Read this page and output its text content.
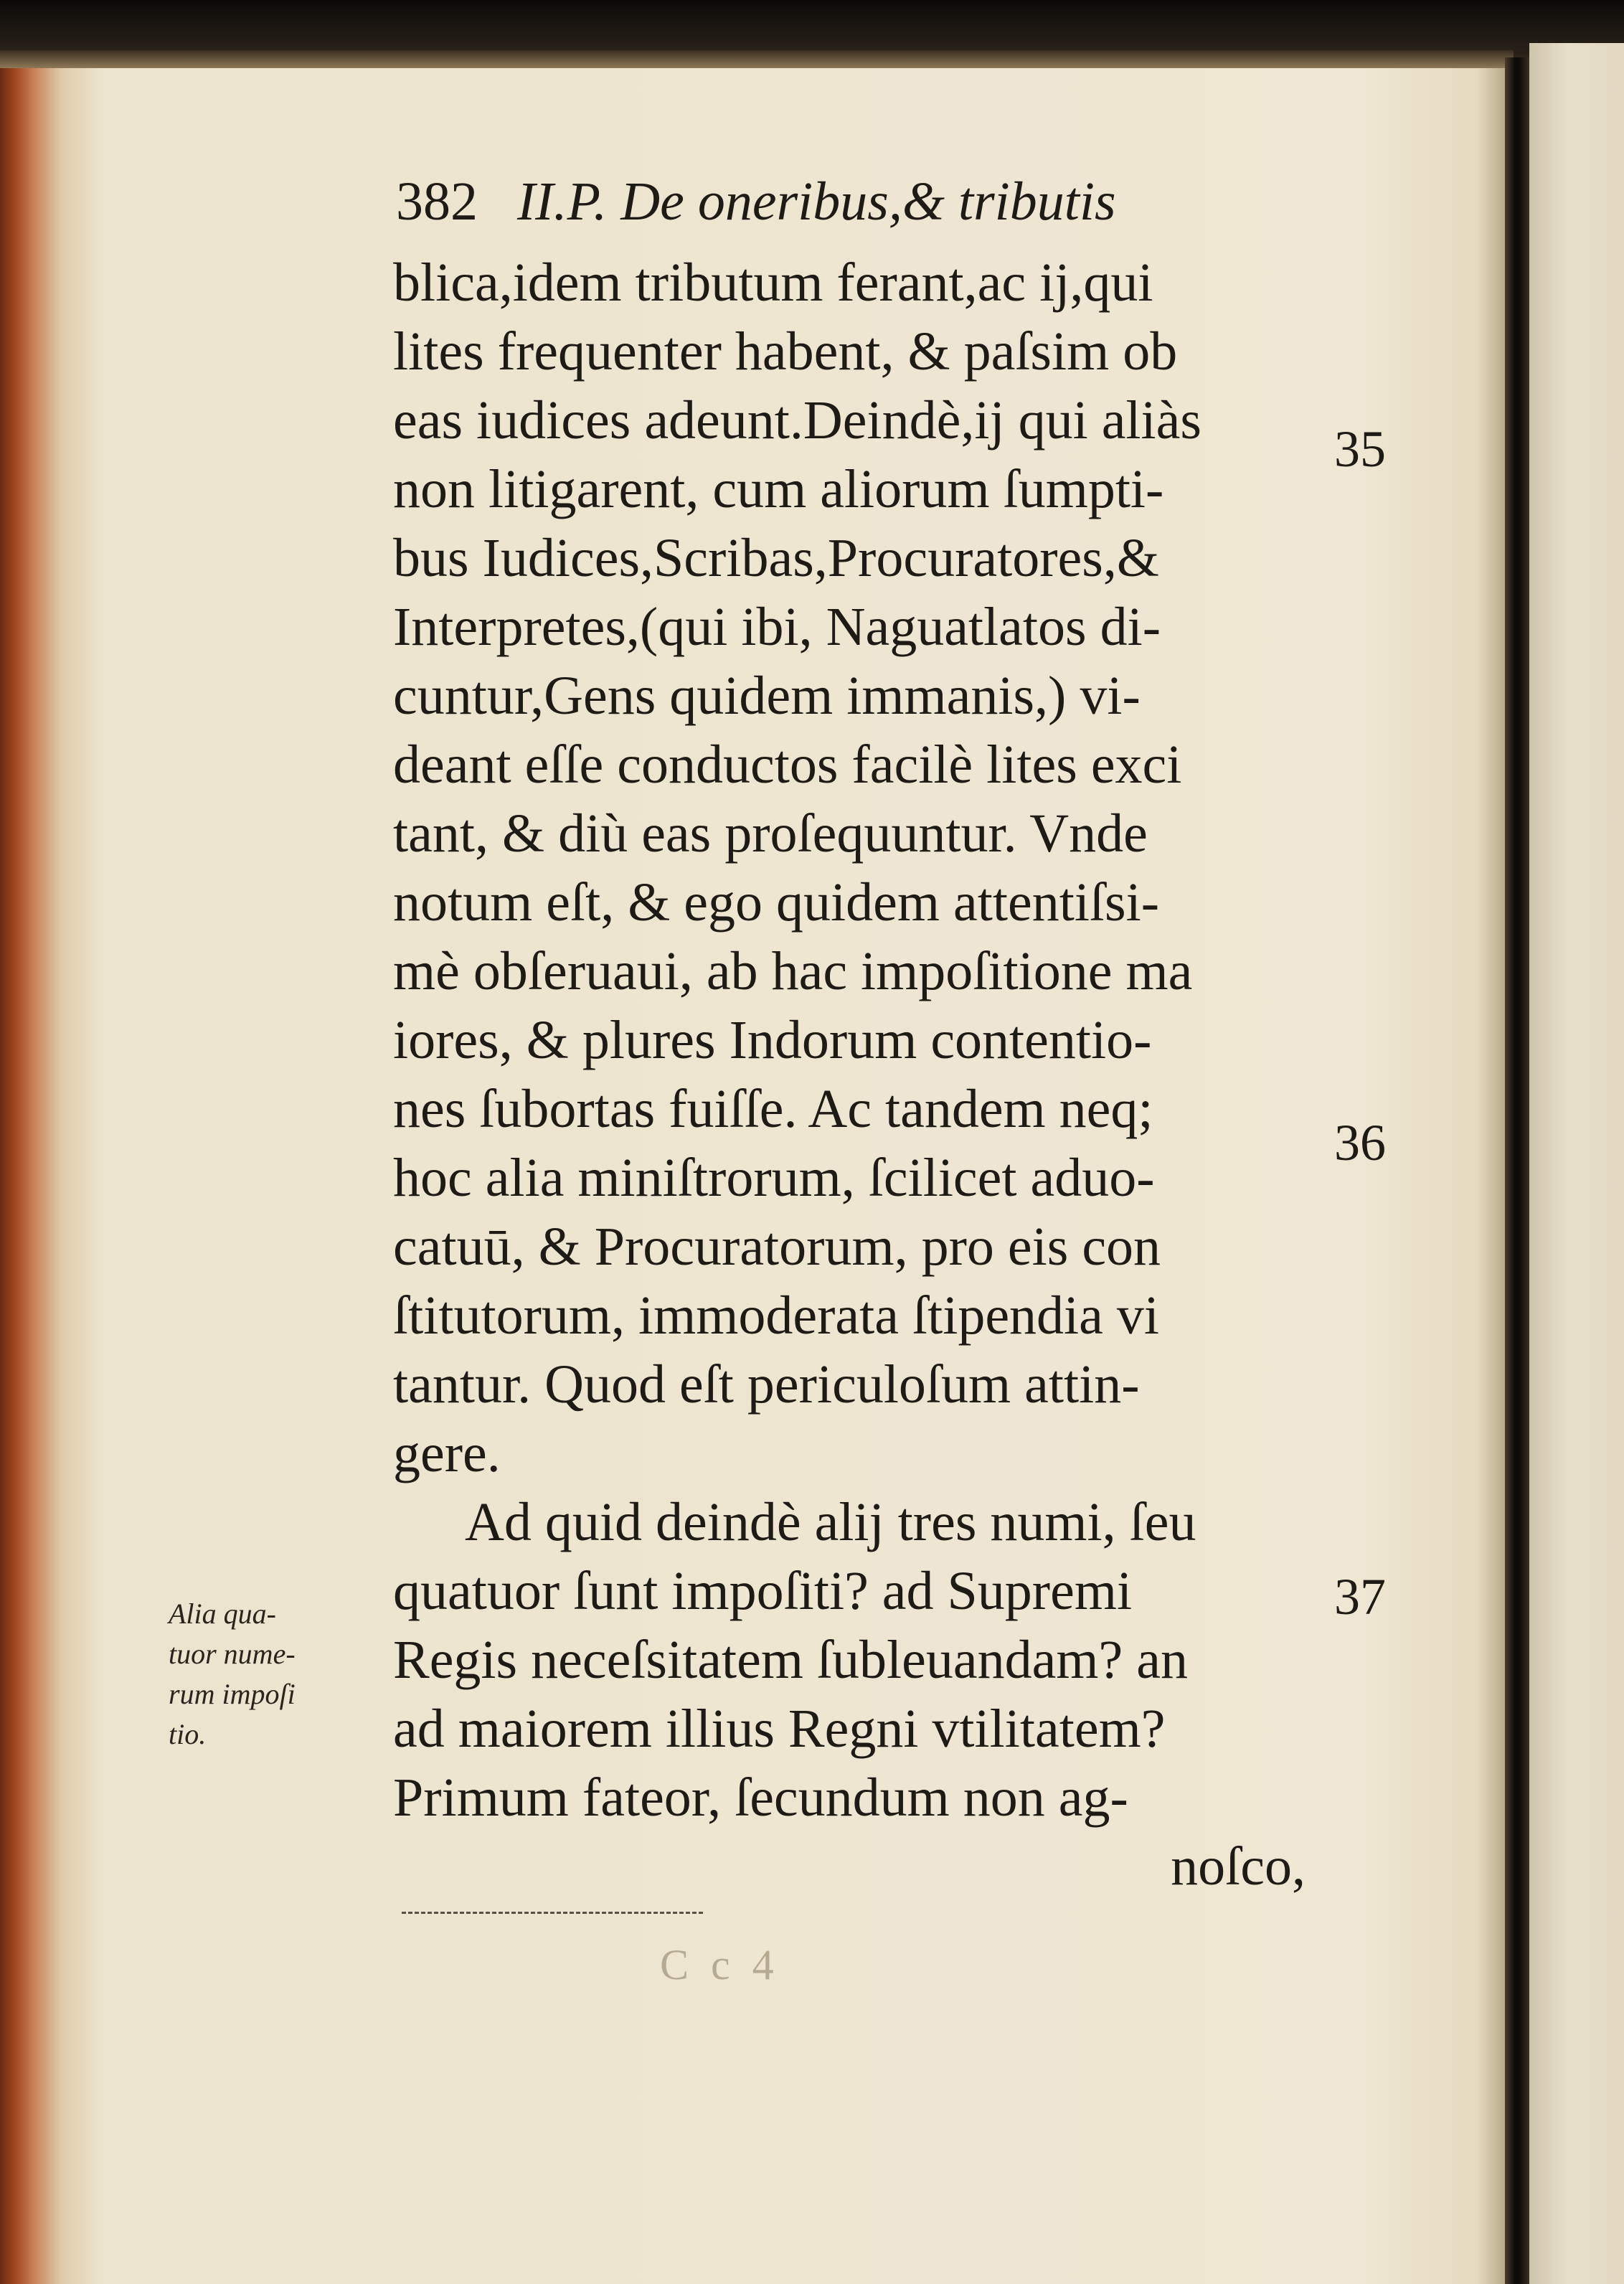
382 II.P. De oneribus,& tributis
blica,idem tributum ferant,ac ij,qui
lites frequenter habent, & paſsim ob
eas iudices adeunt.Deindè,ij qui aliàs
non litigarent, cum aliorum ſumpti-
bus Iudices,Scribas,Procuratores,&
Interpretes,(qui ibi, Naguatlatos di-
cuntur,Gens quidem immanis,) vi-
deant eſſe conductos facilè lites exci
tant, & diù eas proſequuntur. Vnde
notum eſt, & ego quidem attentiſsi-
mè obſeruaui, ab hac impoſitione ma
iores, & plures Indorum contentio-
nes ſubortas fuiſſe. Ac tandem neq;
hoc alia miniſtrorum, ſcilicet aduo-
catuū, & Procuratorum, pro eis con
ſtitutorum, immoderata ſtipendia vi
tantur. Quod eſt periculoſum attin-
gere.
Ad quid deindè alij tres numi, ſeu
quatuor ſunt impoſiti? ad Supremi
Regis neceſsitatem ſubleuandam? an
ad maiorem illius Regni vtilitatem?
Primum fateor, ſecundum non ag-
noſco,
35
36
37
Alia qua-
tuor nume-
rum impoſi
tio.
C c 4
